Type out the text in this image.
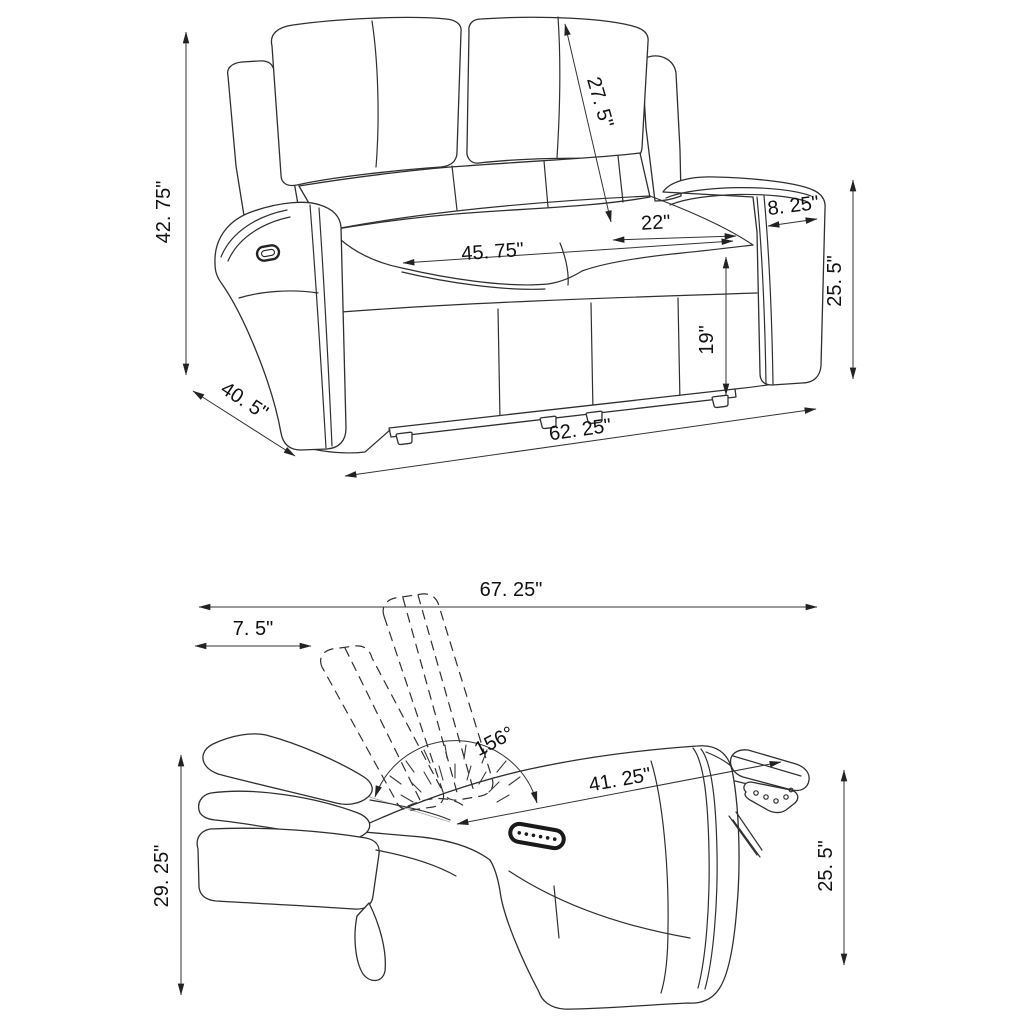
42. 75"
27. 5"
22"
45. 75"
8. 25"
25. 5"
19"
40. 5"
62. 25"
67. 25"
7. 5"
156°
41. 25"
29. 25"	25. 5"
